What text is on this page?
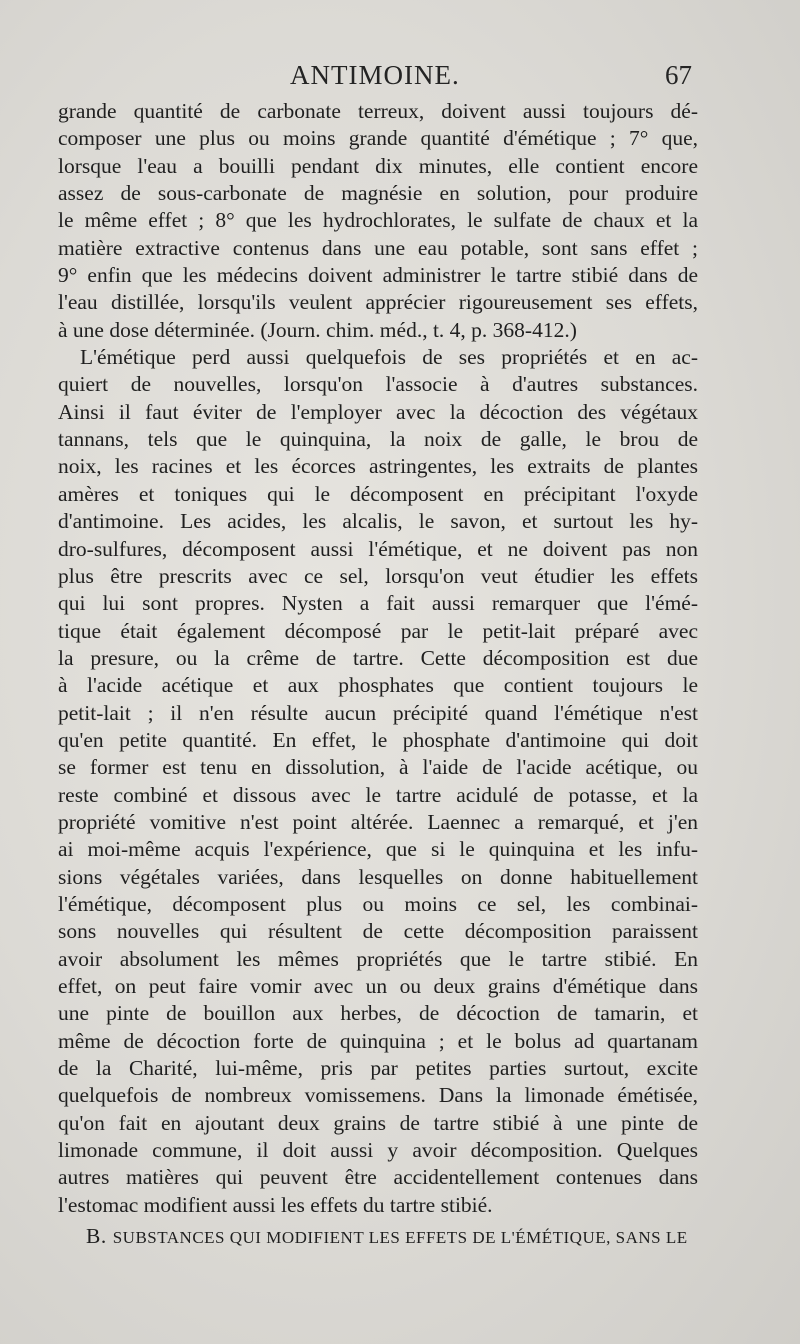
ANTIMOINE.	67
grande quantité de carbonate terreux, doivent aussi toujours dé-
composer une plus ou moins grande quantité d'émétique ; 7° que,
lorsque l'eau a bouilli pendant dix minutes, elle contient encore
assez de sous-carbonate de magnésie en solution, pour produire
le même effet ; 8° que les hydrochlorates, le sulfate de chaux et la
matière extractive contenus dans une eau potable, sont sans effet ;
9° enfin que les médecins doivent administrer le tartre stibié dans de
l'eau distillée, lorsqu'ils veulent apprécier rigoureusement ses effets,
à une dose déterminée. (Journ. chim. méd., t. 4, p. 368-412.)
L'émétique perd aussi quelquefois de ses propriétés et en ac-
quiert de nouvelles, lorsqu'on l'associe à d'autres substances.
Ainsi il faut éviter de l'employer avec la décoction des végétaux
tannans, tels que le quinquina, la noix de galle, le brou de
noix, les racines et les écorces astringentes, les extraits de plantes
amères et toniques qui le décomposent en précipitant l'oxyde
d'antimoine. Les acides, les alcalis, le savon, et surtout les hy-
dro-sulfures, décomposent aussi l'émétique, et ne doivent pas non
plus être prescrits avec ce sel, lorsqu'on veut étudier les effets
qui lui sont propres. Nysten a fait aussi remarquer que l'émé-
tique était également décomposé par le petit-lait préparé avec
la presure, ou la crême de tartre. Cette décomposition est due
à l'acide acétique et aux phosphates que contient toujours le
petit-lait ; il n'en résulte aucun précipité quand l'émétique n'est
qu'en petite quantité. En effet, le phosphate d'antimoine qui doit
se former est tenu en dissolution, à l'aide de l'acide acétique, ou
reste combiné et dissous avec le tartre acidulé de potasse, et la
propriété vomitive n'est point altérée. Laennec a remarqué, et j'en
ai moi-même acquis l'expérience, que si le quinquina et les infu-
sions végétales variées, dans lesquelles on donne habituellement
l'émétique, décomposent plus ou moins ce sel, les combinai-
sons nouvelles qui résultent de cette décomposition paraissent
avoir absolument les mêmes propriétés que le tartre stibié. En
effet, on peut faire vomir avec un ou deux grains d'émétique dans
une pinte de bouillon aux herbes, de décoction de tamarin, et
même de décoction forte de quinquina ; et le bolus ad quartanam
de la Charité, lui-même, pris par petites parties surtout, excite
quelquefois de nombreux vomissemens. Dans la limonade émétisée,
qu'on fait en ajoutant deux grains de tartre stibié à une pinte de
limonade commune, il doit aussi y avoir décomposition. Quelques
autres matières qui peuvent être accidentellement contenues dans
l'estomac modifient aussi les effets du tartre stibié.
B. SUBSTANCES QUI MODIFIENT LES EFFETS DE L'ÉMÉTIQUE, SANS LE
